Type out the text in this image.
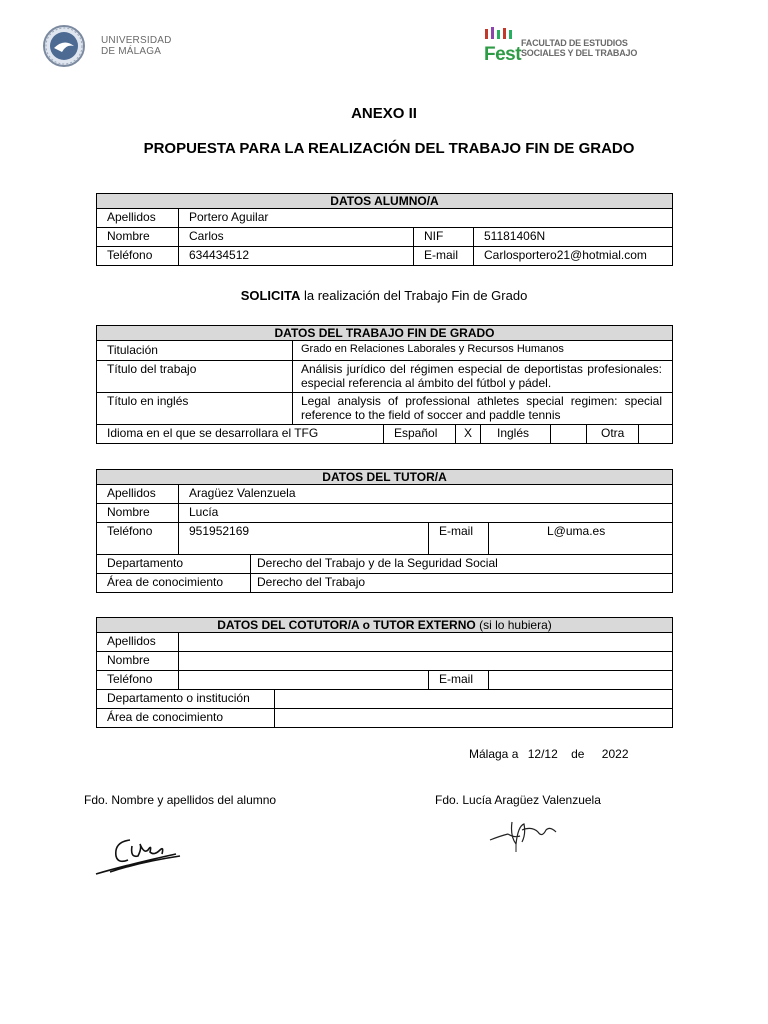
UNIVERSIDAD
DE MÁLAGA	Fest
FACULTAD DE ESTUDIOS
SOCIALES Y DEL TRABAJO
ANEXO II
PROPUESTA PARA LA REALIZACIÓN DEL TRABAJO FIN DE GRADO
DATOS ALUMNO/A			
Apellidos	Portero Aguilar		
Nombre	Carlos	NIF	51181406N
Teléfono	634434512	E-mail	Carlosportero21@hotmial.com
SOLICITA la realización del Trabajo Fin de Grado
DATOS DEL TRABAJO FIN DE GRADO							
Titulación	Grado en Relaciones Laborales y Recursos Humanos						
Título del trabajo	Análisis jurídico del régimen especial de deportistas profesionales: especial referencia al ámbito del fútbol y pádel.						
Título en inglés	Legal analysis of professional athletes special regimen: special reference to the field of soccer and paddle tennis						
Idioma en el que se desarrollara el TFG		Español	X	Inglés		Otra	
DATOS DEL TUTOR/A				
Apellidos	Aragüez Valenzuela			
Nombre	Lucía			
Teléfono	951952169		E-mail	L@uma.es
Departamento		Derecho del Trabajo y de la Seguridad Social		
Área de conocimiento		Derecho del Trabajo		
DATOS DEL COTUTOR/A o TUTOR EXTERNO (si lo hubiera)				
Apellidos				
Nombre				
Teléfono			E-mail	
Departamento o institución				
Área de conocimiento				
Málaga a 12/12 de 2022
Fdo. Nombre y apellidos del alumno	Fdo. Lucía Aragüez Valenzuela
